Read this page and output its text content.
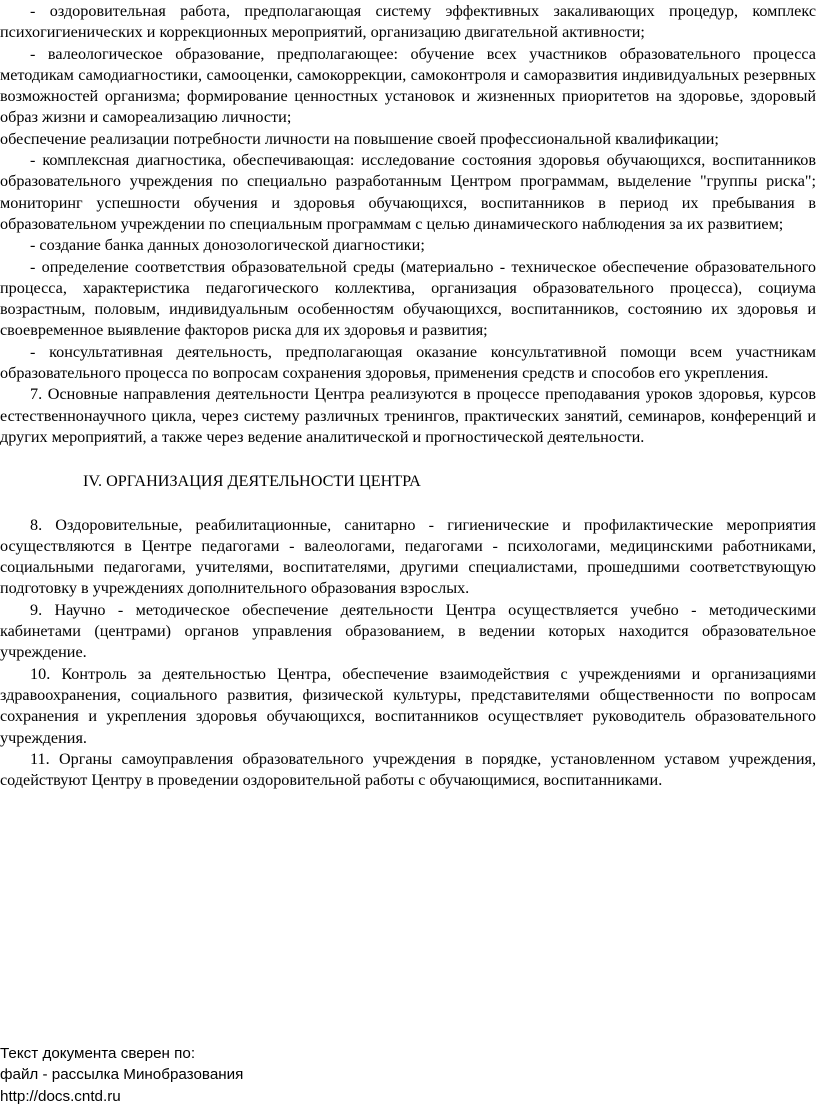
- оздоровительная работа, предполагающая систему эффективных закаливающих процедур, комплекс психогигиенических и коррекционных мероприятий, организацию двигательной активности;

- валеологическое образование, предполагающее: обучение всех участников образовательного процесса методикам самодиагностики, самооценки, самокоррекции, самоконтроля и саморазвития индивидуальных резервных возможностей организма; формирование ценностных установок и жизненных приоритетов на здоровье, здоровый образ жизни и самореализацию личности;

обеспечение реализации потребности личности на повышение своей профессиональной квалификации;

- комплексная диагностика, обеспечивающая: исследование состояния здоровья обучающихся, воспитанников образовательного учреждения по специально разработанным Центром программам, выделение "группы риска"; мониторинг успешности обучения и здоровья обучающихся, воспитанников в период их пребывания в образовательном учреждении по специальным программам с целью динамического наблюдения за их развитием;

- создание банка данных донозологической диагностики;

- определение соответствия образовательной среды (материально - техническое обеспечение образовательного процесса, характеристика педагогического коллектива, организация образовательного процесса), социума возрастным, половым, индивидуальным особенностям обучающихся, воспитанников, состоянию их здоровья и своевременное выявление факторов риска для их здоровья и развития;

- консультативная деятельность, предполагающая оказание консультативной помощи всем участникам образовательного процесса по вопросам сохранения здоровья, применения средств и способов его укрепления.

7. Основные направления деятельности Центра реализуются в процессе преподавания уроков здоровья, курсов естественнонаучного цикла, через систему различных тренингов, практических занятий, семинаров, конференций и других мероприятий, а также через ведение аналитической и прогностической деятельности.

IV. ОРГАНИЗАЦИЯ ДЕЯТЕЛЬНОСТИ ЦЕНТРА

8. Оздоровительные, реабилитационные, санитарно - гигиенические и профилактические мероприятия осуществляются в Центре педагогами - валеологами, педагогами - психологами, медицинскими работниками, социальными педагогами, учителями, воспитателями, другими специалистами, прошедшими соответствующую подготовку в учреждениях дополнительного образования взрослых.

9. Научно - методическое обеспечение деятельности Центра осуществляется учебно - методическими кабинетами (центрами) органов управления образованием, в ведении которых находится образовательное учреждение.

10. Контроль за деятельностью Центра, обеспечение взаимодействия с учреждениями и организациями здравоохранения, социального развития, физической культуры, представителями общественности по вопросам сохранения и укрепления здоровья обучающихся, воспитанников осуществляет руководитель образовательного учреждения.

11. Органы самоуправления образовательного учреждения в порядке, установленном уставом учреждения, содействуют Центру в проведении оздоровительной работы с обучающимися, воспитанниками.

Текст документа сверен по:
файл - рассылка Минобразования
http://docs.cntd.ru
